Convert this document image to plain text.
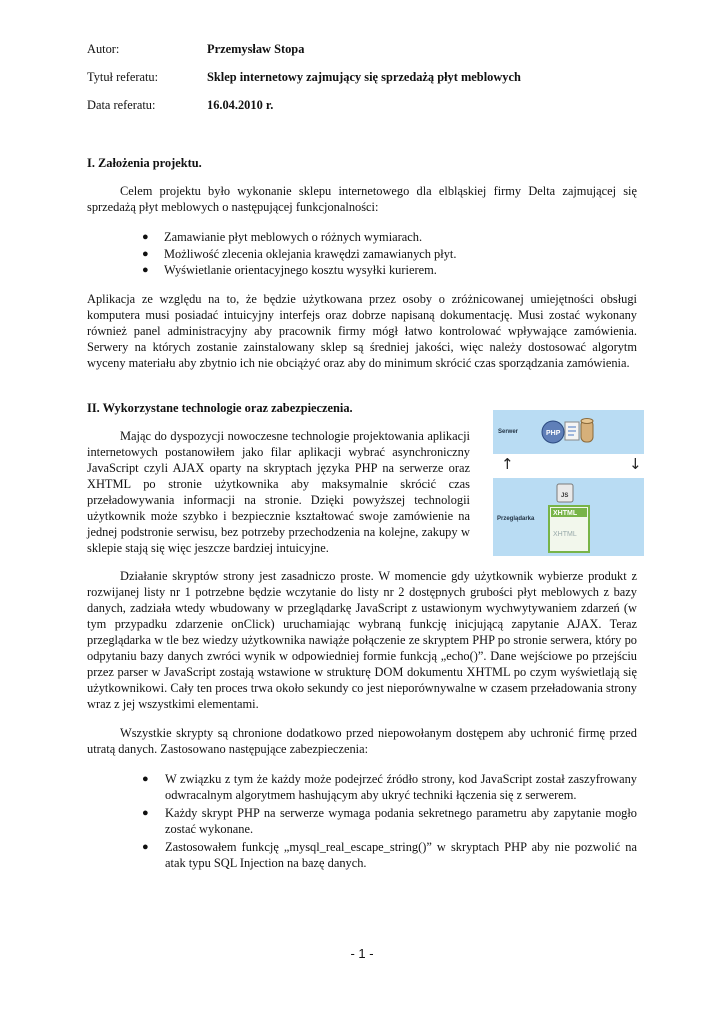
Autor:	Przemysław Stopa
Tytuł referatu:	Sklep internetowy zajmujący się sprzedażą płyt meblowych
Data referatu:	16.04.2010 r.
I. Założenia projektu.

Celem projektu było wykonanie sklepu internetowego dla elbląskiej firmy Delta zajmującej się sprzedażą płyt meblowych o następującej funkcjonalności:

● Zamawianie płyt meblowych o różnych wymiarach.
● Możliwość zlecenia oklejania krawędzi zamawianych płyt.
● Wyświetlanie orientacyjnego kosztu wysyłki kurierem.

Aplikacja ze względu na to, że będzie użytkowana przez osoby o zróżnicowanej umiejętności obsługi komputera musi posiadać intuicyjny interfejs oraz dobrze napisaną dokumentację. Musi zostać wykonany również panel administracyjny aby pracownik firmy mógł łatwo kontrolować wpływające zamówienia. Serwery na których zostanie zainstalowany sklep są średniej jakości, więc należy dostosować algorytm wyceny materiału aby zbytnio ich nie obciążyć oraz aby do minimum skrócić czas sporządzania zamówienia.

II. Wykorzystane technologie oraz zabezpieczenia.

Mając do dyspozycji nowoczesne technologie projektowania aplikacji internetowych postanowiłem jako filar aplikacji wybrać asynchroniczny JavaScript czyli AJAX oparty na skryptach języka PHP na serwerze oraz XHTML po stronie użytkownika aby maksymalnie skrócić czas przeładowywania informacji na stronie. Dzięki powyższej technologii użytkownik może szybko i bezpiecznie kształtować swoje zamówienie na jednej podstronie serwisu, bez potrzeby przechodzenia na kolejne, zakupy w sklepie stają się więc jeszcze bardziej intuicyjne.

Serwer	PHP
↑	↓
Przeglądarka
JS
XHTML
XHTML

Działanie skryptów strony jest zasadniczo proste. W momencie gdy użytkownik wybierze produkt z rozwijanej listy nr 1 potrzebne będzie wczytanie do listy nr 2 dostępnych grubości płyt meblowych z bazy danych, zadziała wtedy wbudowany w przeglądarkę JavaScript z ustawionym wychwytywaniem zdarzeń (w tym przypadku zdarzenie onClick) uruchamiając wybraną funkcję inicjującą zapytanie AJAX. Teraz przeglądarka w tle bez wiedzy użytkownika nawiąże połączenie ze skryptem PHP po stronie serwera, który po odpytaniu bazy danych zwróci wynik w odpowiedniej formie funkcją „echo()”. Dane wejściowe po przejściu przez parser w JavaScript zostają wstawione w strukturę DOM dokumentu XHTML po czym wyświetlają się użytkownikowi. Cały ten proces trwa około sekundy co jest nieporównywalne w czasem przeładowania strony wraz z jej wszystkimi elementami.

Wszystkie skrypty są chronione dodatkowo przed niepowołanym dostępem aby uchronić firmę przed utratą danych. Zastosowano następujące zabezpieczenia:

● W związku z tym że każdy może podejrzeć źródło strony, kod JavaScript został zaszyfrowany odwracalnym algorytmem hashującym aby ukryć techniki łączenia się z serwerem.
● Każdy skrypt PHP na serwerze wymaga podania sekretnego parametru aby zapytanie mogło zostać wykonane.
● Zastosowałem funkcję „mysql_real_escape_string()” w skryptach PHP aby nie pozwolić na atak typu SQL Injection na bazę danych.
- 1 -
